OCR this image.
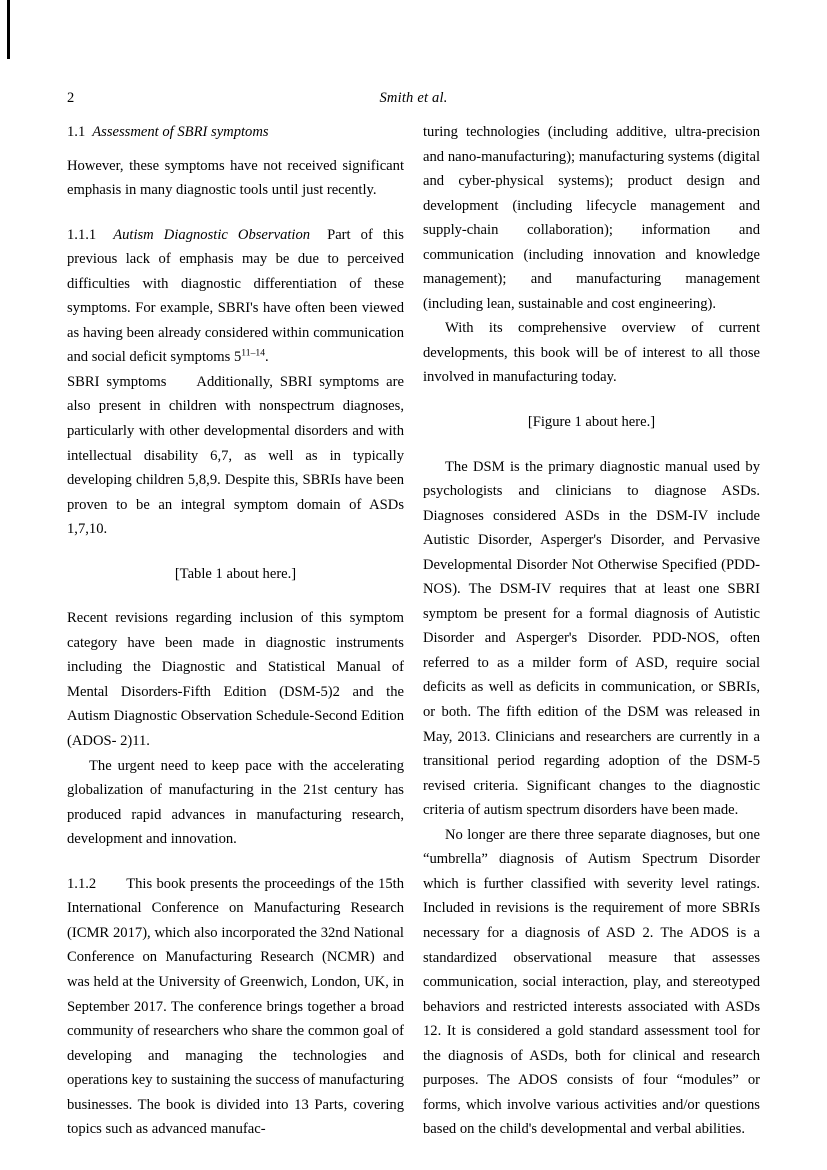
2	Smith et al.
1.1 Assessment of SBRI symptoms

However, these symptoms have not received significant emphasis in many diagnostic tools until just recently.

1.1.1 Autism Diagnostic Observation Part of this previous lack of emphasis may be due to perceived difficulties with diagnostic differentiation of these symptoms. For example, SBRI's have often been viewed as having been already considered within communication and social deficit symptoms 5$^{11-14}$.

SBRI symptoms Additionally, SBRI symptoms are also present in children with nonspectrum diagnoses, particularly with other developmental disorders and with intellectual disability 6,7, as well as in typically developing children 5,8,9. Despite this, SBRIs have been proven to be an integral symptom domain of ASDs 1,7,10.

[Table 1 about here.]

Recent revisions regarding inclusion of this symptom category have been made in diagnostic instruments including the Diagnostic and Statistical Manual of Mental Disorders-Fifth Edition (DSM-5)2 and the Autism Diagnostic Observation Schedule-Second Edition (ADOS- 2)11.

The urgent need to keep pace with the accelerating globalization of manufacturing in the 21st century has produced rapid advances in manufacturing research, development and innovation.

1.1.2 This book presents the proceedings of the 15th International Conference on Manufacturing Research (ICMR 2017), which also incorporated the 32nd National Conference on Manufacturing Research (NCMR) and was held at the University of Greenwich, London, UK, in September 2017. The conference brings together a broad community of researchers who share the common goal of developing and managing the technologies and operations key to sustaining the success of manufacturing businesses. The book is divided into 13 Parts, covering topics such as advanced manufac-

turing technologies (including additive, ultra-precision and nano-manufacturing); manufacturing systems (digital and cyber-physical systems); product design and development (including lifecycle management and supply-chain collaboration); information and communication (including innovation and knowledge management); and manufacturing management (including lean, sustainable and cost engineering).

With its comprehensive overview of current developments, this book will be of interest to all those involved in manufacturing today.

[Figure 1 about here.]

The DSM is the primary diagnostic manual used by psychologists and clinicians to diagnose ASDs. Diagnoses considered ASDs in the DSM-IV include Autistic Disorder, Asperger's Disorder, and Pervasive Developmental Disorder Not Otherwise Specified (PDD-NOS). The DSM-IV requires that at least one SBRI symptom be present for a formal diagnosis of Autistic Disorder and Asperger's Disorder. PDD-NOS, often referred to as a milder form of ASD, require social deficits as well as deficits in communication, or SBRIs, or both. The fifth edition of the DSM was released in May, 2013. Clinicians and researchers are currently in a transitional period regarding adoption of the DSM-5 revised criteria. Significant changes to the diagnostic criteria of autism spectrum disorders have been made.

No longer are there three separate diagnoses, but one “umbrella” diagnosis of Autism Spectrum Disorder which is further classified with severity level ratings. Included in revisions is the requirement of more SBRIs necessary for a diagnosis of ASD 2. The ADOS is a standardized observational measure that assesses communication, social interaction, play, and stereotyped behaviors and restricted interests associated with ASDs 12. It is considered a gold standard assessment tool for the diagnosis of ASDs, both for clinical and research purposes. The ADOS consists of four “modules” or forms, which involve various activities and/or questions based on the child's developmental and verbal abilities.
